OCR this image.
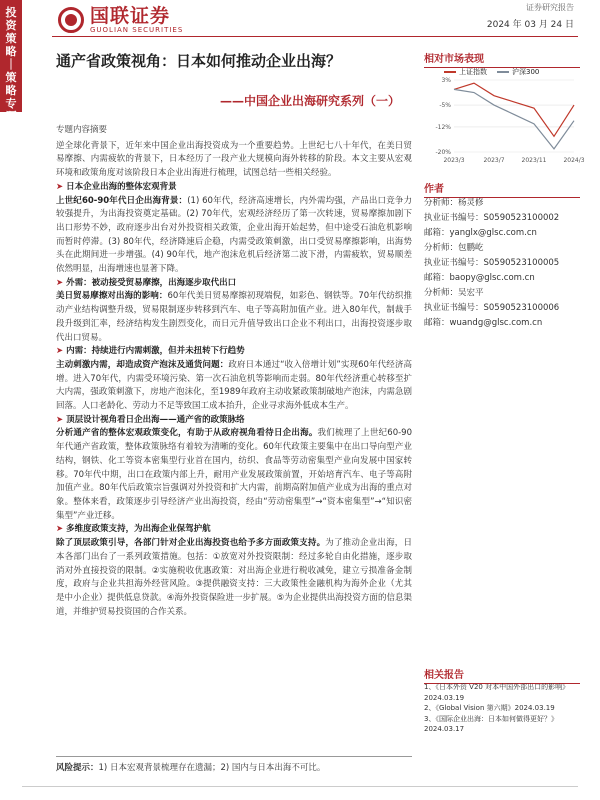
投资策略｜策略专题
国联证券
GUOLIAN SECURITIES
证券研究报告
2024 年 03 月 24 日
通产省政策视角：日本如何推动企业出海？
——中国企业出海研究系列（一）
相对市场表现
上证指数	沪深300
3%
-5%
-12%
-20%
2023/3	2023/7	2023/11	2024/3
作者
分析师：杨灵修
执业证书编号：S0590523100002
邮箱：yanglx@glsc.com.cn
分析师：包鹏屹
执业证书编号：S0590523100005
邮箱：baopy@glsc.com.cn
分析师：吴宏平
执业证书编号：S0590523100006
邮箱：wuandg@glsc.com.cn
相关报告
1、《日本外资 V20 对本中国外部出口的影响》2024.03.19
2、《Global Vision 第六期》2024.03.19
3、《国际企业出海：日本如何做得更好？》2024.03.17
专题内容摘要

逆全球化背景下，近年来中国企业出海投资成为一个重要趋势。上世纪七八十年代，在美日贸易摩擦、内需疲软的背景下，日本经历了一段产业大规模向海外转移的阶段。本文主要从宏观环境和政策角度对该阶段日本企业出海进行梳理，试图总结一些相关经验。

➤ 日本企业出海的整体宏观背景

上世纪60-90年代日企出海背景：(1) 60年代，经济高速增长，内外需均强，产品出口竞争力较强提升，为出海投资奠定基础。(2) 70年代，宏观经济经历了第一次转速，贸易摩擦加剧下出口形势不妙，政府逐步出台对外投资相关政策，企业出海开始起势，但中途受石油危机影响而暂时停滞。(3) 80年代，经济降速后企稳，内需受政策刺激，出口受贸易摩擦影响，出海势头在此期间进一步增强。(4) 90年代，地产泡沫危机后经济第二波下滑，内需疲软，贸易顺差依然明显，出海增速也显著下降。

➤ 外需：被动接受贸易摩擦，出海逐步取代出口

美日贸易摩擦对出海的影响：60年代美日贸易摩擦初现端倪，如彩色、钢铁等。70年代纺织推动产业结构调整升级，贸易限制逐步转移到汽车、电子等高附加值产业。进入80年代，制裁手段升级到汇率，经济结构发生剧烈变化，而日元升值导致出口企业不利出口，出海投资逐步取代出口贸易。

➤ 内需：持续进行内需刺激，但并未扭转下行趋势

主动刺激内需，却造成资产泡沫及通货问题：政府日本通过“收入倍增计划”实现60年代经济高增。进入70年代，内需受环境污染、第一次石油危机等影响而走弱。80年代经济重心转移至扩大内需，强政策刺激下，房地产泡沫化，至1989年政府主动收紧政策制破地产泡沫，内需急剧回落。人口老龄化、劳动力不足等致国工成本抬升，企业寻求海外低成本生产。

➤ 顶层设计视角看日企出海——通产省的政策脉络

分析通产省的整体宏观政策变化，有助于从政府视角看待日企出海。我们梳理了上世纪60-90年代通产省政策，整体政策脉络有着较为清晰的变化。60年代政策主要集中在出口导向型产业结构，钢铁、化工等资本密集型行业首在国内，纺织、食品等劳动密集型产业向发展中国家转移。70年代中期，出口在政策内部上升，耐用产业发展政策前置，开始培育汽车、电子等高附加值产业。80年代后政策宗旨强调对外投资和扩大内需，前期高附加值产业成为出海的重点对象。整体来看，政策逐步引导经济产业出海投资，经由“劳动密集型”→“资本密集型”→“知识密集型”产业迁移。

➤ 多维度政策支持，为出海企业保驾护航

除了顶层政策引导，各部门针对企业出海投资也给予多方面政策支持。为了推动企业出海，日本各部门出台了一系列政策措施。包括：①放宽对外投资限制：经过多轮自由化措施，逐步取消对外直接投资的限制。②实施税收优惠政策：对出海企业进行税收减免，建立亏损准备金制度，政府与企业共担海外经营风险。③提供融资支持：三大政策性金融机构为海外企业（尤其是中小企业）提供低息贷款。④海外投资保险进一步扩展。⑤为企业提供出海投资方面的信息渠道，并维护贸易投资国的合作关系。

风险提示：1) 日本宏观背景梳理存在遗漏；2) 国内与日本出海不可比。
